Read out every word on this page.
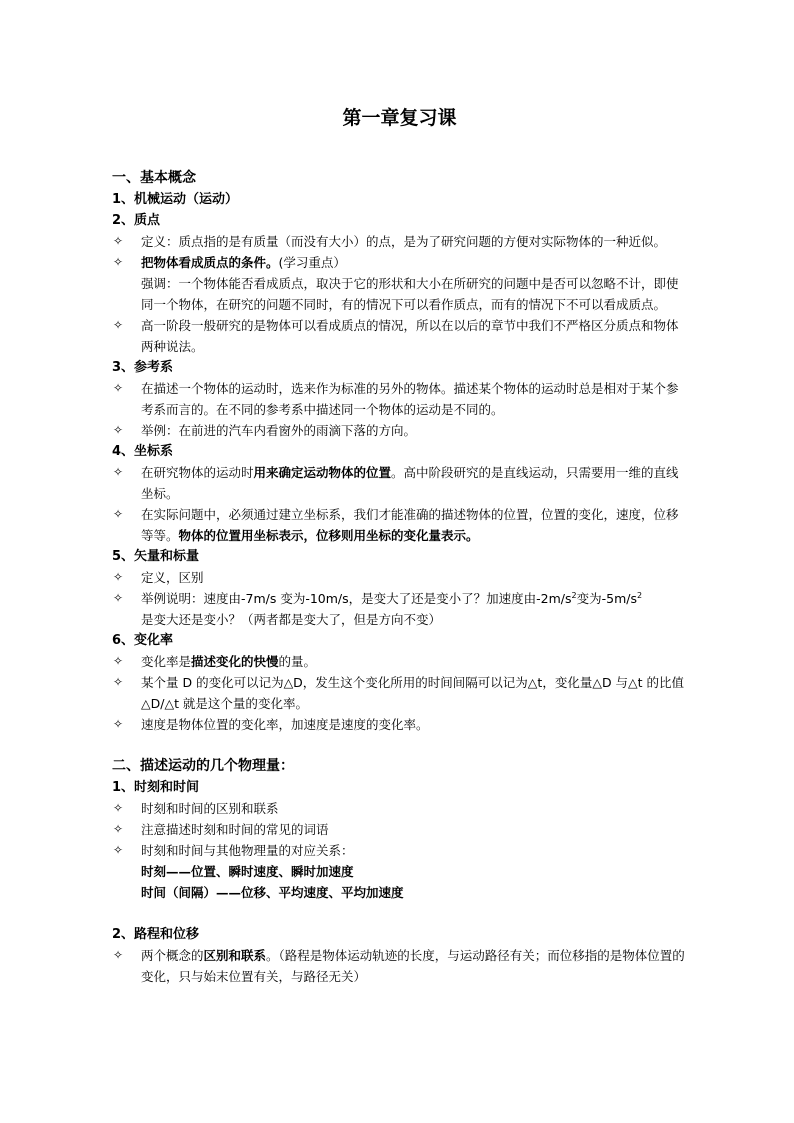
第一章复习课
一、基本概念
1、机械运动（运动）
2、质点
✧ 定义：质点指的是有质量（而没有大小）的点，是为了研究问题的方便对实际物体的一种近似。
✧ 把物体看成质点的条件。(学习重点）
强调：一个物体能否看成质点，取决于它的形状和大小在所研究的问题中是否可以忽略不计，即使同一个物体，在研究的问题不同时，有的情况下可以看作质点，而有的情况下不可以看成质点。
✧ 高一阶段一般研究的是物体可以看成质点的情况，所以在以后的章节中我们不严格区分质点和物体两种说法。
3、参考系
✧ 在描述一个物体的运动时，选来作为标准的另外的物体。描述某个物体的运动时总是相对于某个参考系而言的。在不同的参考系中描述同一个物体的运动是不同的。
✧ 举例：在前进的汽车内看窗外的雨滴下落的方向。
4、坐标系
✧ 在研究物体的运动时用来确定运动物体的位置。高中阶段研究的是直线运动，只需要用一维的直线坐标。
✧ 在实际问题中，必须通过建立坐标系，我们才能准确的描述物体的位置，位置的变化，速度，位移等等。物体的位置用坐标表示，位移则用坐标的变化量表示。
5、矢量和标量
✧ 定义，区别
✧ 举例说明：速度由-7m/s 变为-10m/s，是变大了还是变小了？加速度由$-2m/s^2$变为$-5m/s^2$
是变大还是变小？（两者都是变大了，但是方向不变）
6、变化率
✧ 变化率是描述变化的快慢的量。
✧ 某个量 D 的变化可以记为△D，发生这个变化所用的时间间隔可以记为△t，变化量△D 与△t 的比值△D/△t 就是这个量的变化率。
✧ 速度是物体位置的变化率，加速度是速度的变化率。
二、描述运动的几个物理量：
1、时刻和时间
✧ 时刻和时间的区别和联系
✧ 注意描述时刻和时间的常见的词语
✧ 时刻和时间与其他物理量的对应关系：
时刻——位置、瞬时速度、瞬时加速度
时间（间隔）——位移、平均速度、平均加速度
2、路程和位移
✧ 两个概念的区别和联系。（路程是物体运动轨迹的长度，与运动路径有关；而位移指的是物体位置的变化，只与始末位置有关，与路径无关）
